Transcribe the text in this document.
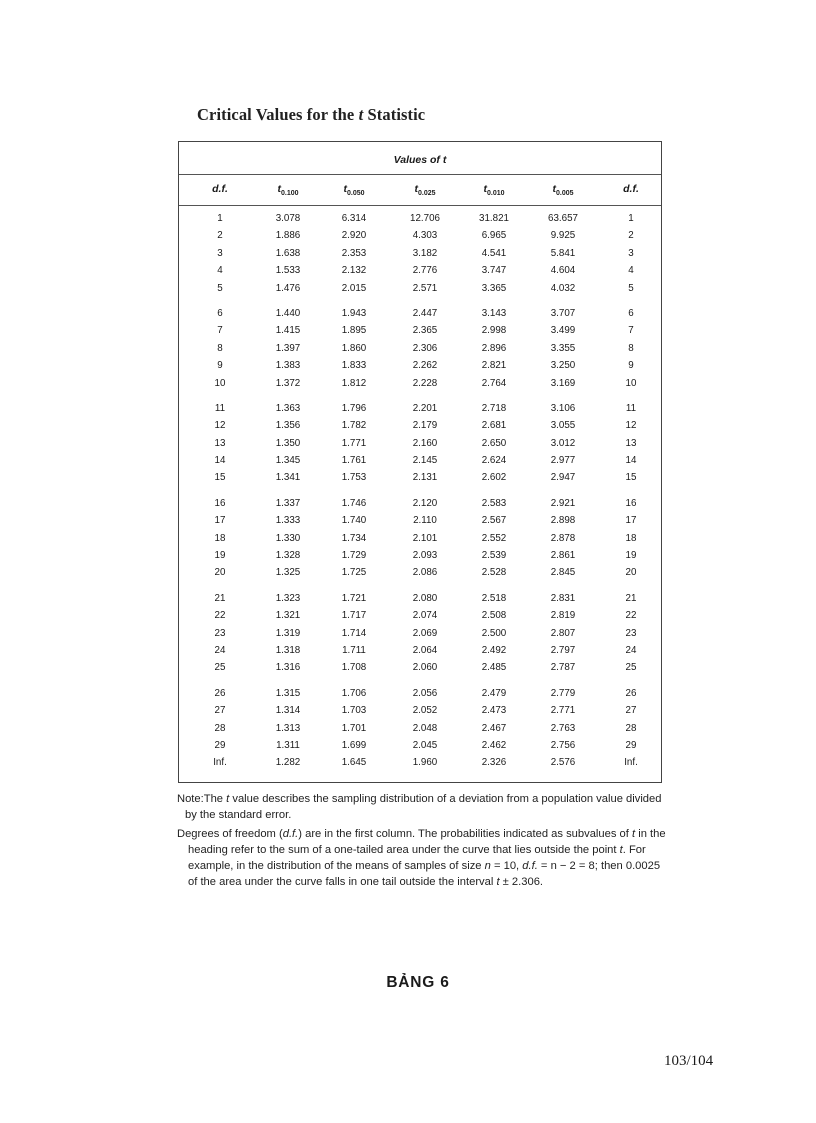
Critical Values for the t Statistic
Values of t
d.f.	$t_{0.100}$	$t_{0.050}$	$t_{0.025}$	$t_{0.010}$	$t_{0.005}$	d.f.
1	3.078	6.314	12.706	31.821	63.657	1
2	1.886	2.920	4.303	6.965	9.925	2
3	1.638	2.353	3.182	4.541	5.841	3
4	1.533	2.132	2.776	3.747	4.604	4
5	1.476	2.015	2.571	3.365	4.032	5
6	1.440	1.943	2.447	3.143	3.707	6
7	1.415	1.895	2.365	2.998	3.499	7
8	1.397	1.860	2.306	2.896	3.355	8
9	1.383	1.833	2.262	2.821	3.250	9
10	1.372	1.812	2.228	2.764	3.169	10
11	1.363	1.796	2.201	2.718	3.106	11
12	1.356	1.782	2.179	2.681	3.055	12
13	1.350	1.771	2.160	2.650	3.012	13
14	1.345	1.761	2.145	2.624	2.977	14
15	1.341	1.753	2.131	2.602	2.947	15
16	1.337	1.746	2.120	2.583	2.921	16
17	1.333	1.740	2.110	2.567	2.898	17
18	1.330	1.734	2.101	2.552	2.878	18
19	1.328	1.729	2.093	2.539	2.861	19
20	1.325	1.725	2.086	2.528	2.845	20
21	1.323	1.721	2.080	2.518	2.831	21
22	1.321	1.717	2.074	2.508	2.819	22
23	1.319	1.714	2.069	2.500	2.807	23
24	1.318	1.711	2.064	2.492	2.797	24
25	1.316	1.708	2.060	2.485	2.787	25
26	1.315	1.706	2.056	2.479	2.779	26
27	1.314	1.703	2.052	2.473	2.771	27
28	1.313	1.701	2.048	2.467	2.763	28
29	1.311	1.699	2.045	2.462	2.756	29
Inf.	1.282	1.645	1.960	2.326	2.576	Inf.

Note:The t value describes the sampling distribution of a deviation from a population value divided by the standard error.

Degrees of freedom (d.f.) are in the first column. The probabilities indicated as subvalues of t in the heading refer to the sum of a one-tailed area under the curve that lies outside the point t. For example, in the distribution of the means of samples of size n = 10, d.f. = n − 2 = 8; then 0.0025 of the area under the curve falls in one tail outside the interval t ± 2.306.

BẢNG 6
103/104
